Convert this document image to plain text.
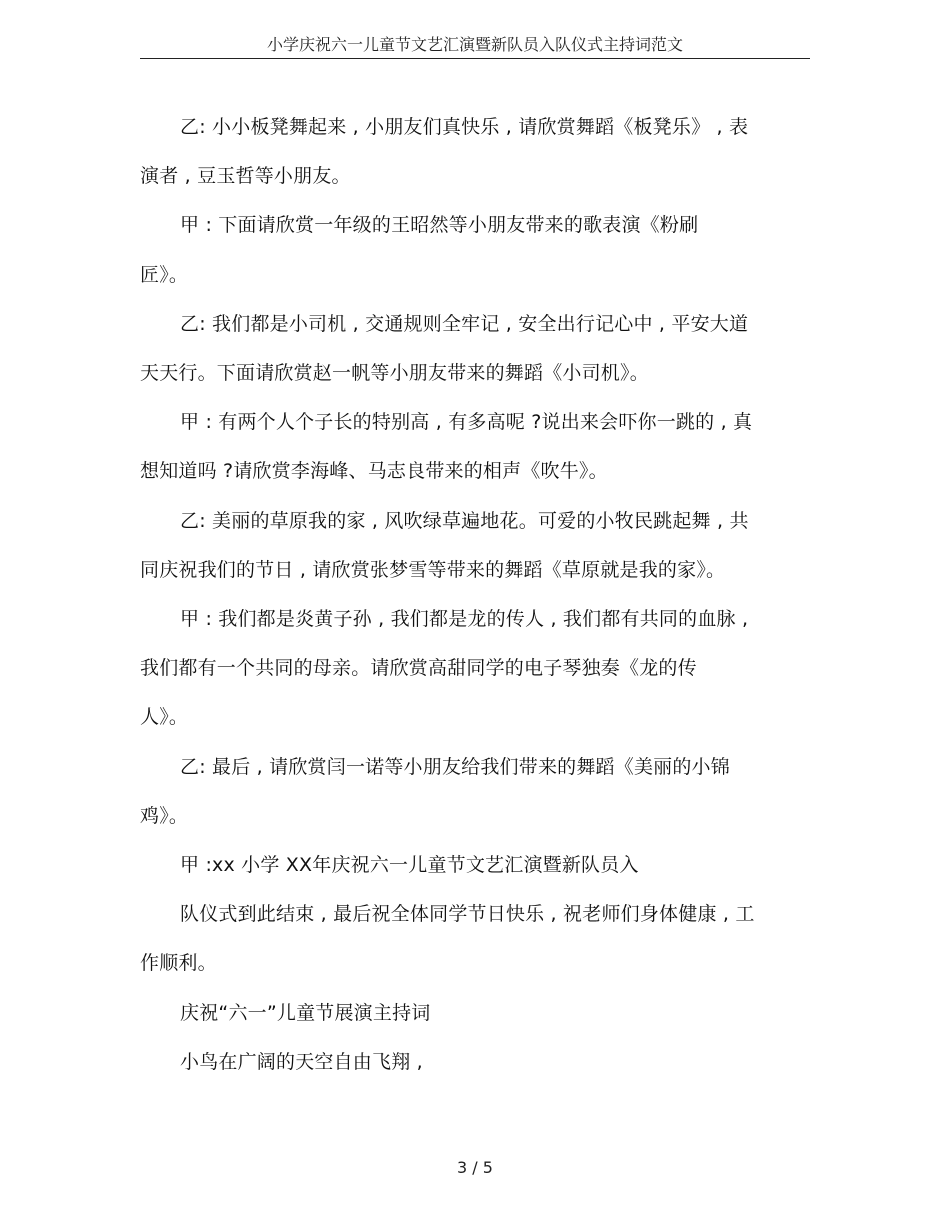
小学庆祝六一儿童节文艺汇演暨新队员入队仪式主持词范文

乙: 小小板凳舞起来 , 小朋友们真快乐 , 请欣赏舞蹈《板凳乐》 , 表
演者 , 豆玉哲等小朋友。

甲 : 下面请欣赏一年级的王昭然等小朋友带来的歌表演《粉刷
匠》。

乙: 我们都是小司机 , 交通规则全牢记 , 安全出行记心中 , 平安大道
天天行。下面请欣赏赵一帆等小朋友带来的舞蹈《小司机》。

甲 : 有两个人个子长的特别高 , 有多高呢 ?说出来会吓你一跳的 , 真
想知道吗 ?请欣赏李海峰、马志良带来的相声《吹牛》。

乙: 美丽的草原我的家 , 风吹绿草遍地花。可爱的小牧民跳起舞 , 共
同庆祝我们的节日 , 请欣赏张梦雪等带来的舞蹈《草原就是我的家》。

甲 : 我们都是炎黄子孙 , 我们都是龙的传人 , 我们都有共同的血脉 ,
我们都有一个共同的母亲。请欣赏高甜同学的电子琴独奏《龙的传
人》。

乙: 最后 , 请欣赏闫一诺等小朋友给我们带来的舞蹈《美丽的小锦
鸡》。

甲 :xx 小学 XX年庆祝六一儿童节文艺汇演暨新队员入

队仪式到此结束 , 最后祝全体同学节日快乐 , 祝老师们身体健康 , 工
作顺利。

庆祝“六一”儿童节展演主持词

小鸟在广阔的天空自由飞翔 ,

3 / 5
